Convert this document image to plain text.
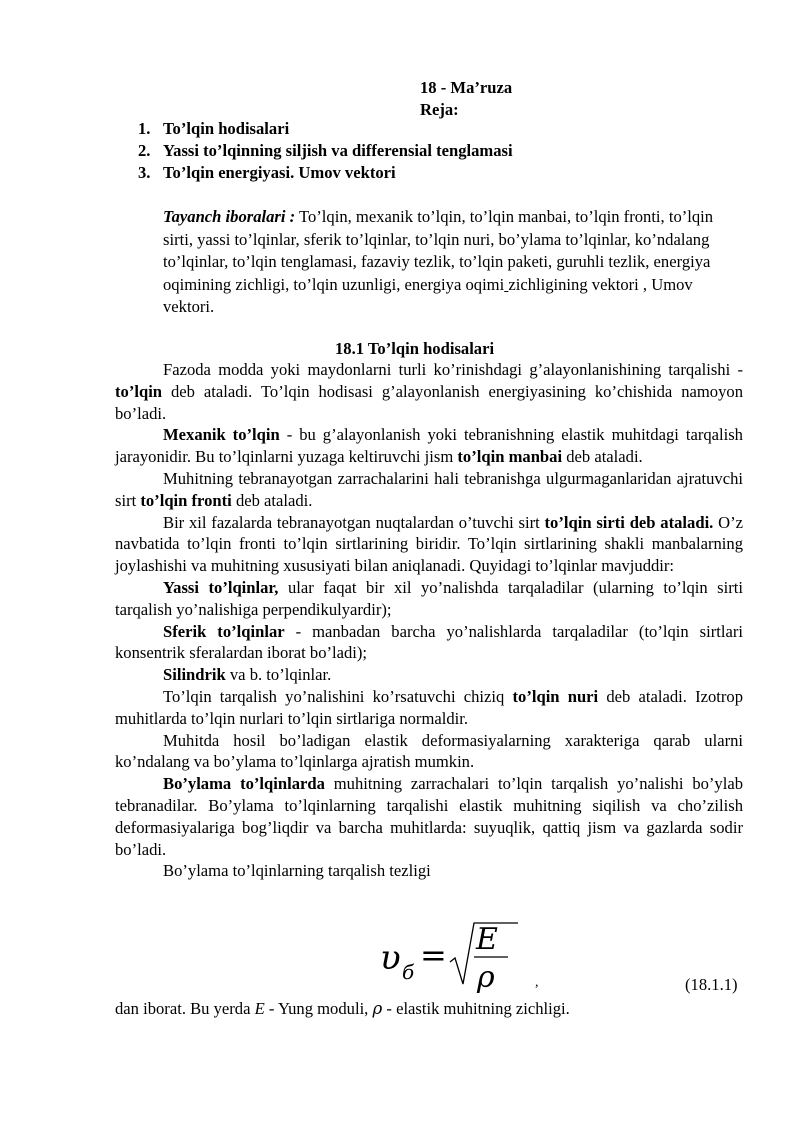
18 - Ma’ruza
Reja:
1. To’lqin hodisalari
2. Yassi to’lqinning siljish va differensial tenglamasi
3. To’lqin energiyasi. Umov vektori

Tayanch iboralari : To’lqin, mexanik to’lqin, to’lqin manbai, to’lqin fronti, to’lqin sirti, yassi to’lqinlar, sferik to’lqinlar, to’lqin nuri, bo’ylama to’lqinlar, ko’ndalang to’lqinlar, to’lqin tenglamasi, fazaviy tezlik, to’lqin paketi, guruhli tezlik, energiya oqimining zichligi, to’lqin uzunligi, energiya oqimi zichligining vektori , Umov vektori.

18.1 To’lqin hodisalari

Fazoda modda yoki maydonlarni turli ko’rinishdagi g’alayonlanishining tarqalishi - to’lqin deb ataladi. To’lqin hodisasi g’alayonlanish energiyasining ko’chishida namoyon bo’ladi.

Mexanik to’lqin - bu g’alayonlanish yoki tebranishning elastik muhitdagi tarqalish jarayonidir. Bu to’lqinlarni yuzaga keltiruvchi jism to’lqin manbai deb ataladi.

Muhitning tebranayotgan zarrachalarini hali tebranishga ulgurmaganlaridan ajratuvchi sirt to’lqin fronti deb ataladi.

Bir xil fazalarda tebranayotgan nuqtalardan o’tuvchi sirt to’lqin sirti deb ataladi. O’z navbatida to’lqin fronti to’lqin sirtlarining biridir. To’lqin sirtlarining shakli manbalarning joylashishi va muhitning xususiyati bilan aniqlanadi. Quyidagi to’lqinlar mavjuddir:

Yassi to’lqinlar, ular faqat bir xil yo’nalishda tarqaladilar (ularning to’lqin sirti tarqalish yo’nalishiga perpendikulyardir);

Sferik to’lqinlar - manbadan barcha yo’nalishlarda tarqaladilar (to’lqin sirtlari konsentrik sferalardan iborat bo’ladi);

Silindrik va b. to’lqinlar.

To’lqin tarqalish yo’nalishini ko’rsatuvchi chiziq to’lqin nuri deb ataladi. Izotrop muhitlarda to’lqin nurlari to’lqin sirtlariga normaldir.

Muhitda hosil bo’ladigan elastik deformasiyalarning xarakteriga qarab ularni ko’ndalang va bo’ylama to’lqinlarga ajratish mumkin.

Bo’ylama to’lqinlarda muhitning zarrachalari to’lqin tarqalish yo’nalishi bo’ylab tebranadilar. Bo’ylama to’lqinlarning tarqalishi elastik muhitning siqilish va cho’zilish deformasiyalariga bog’liqdir va barcha muhitlarda: suyuqlik, qattiq jism va gazlarda sodir bo’ladi.

Bo’ylama to’lqinlarning tarqalish tezligi

υ б = E
ρ	,	(18.1.1)
dan iborat. Bu yerda E - Yung moduli, ρ - elastik muhitning zichligi.
